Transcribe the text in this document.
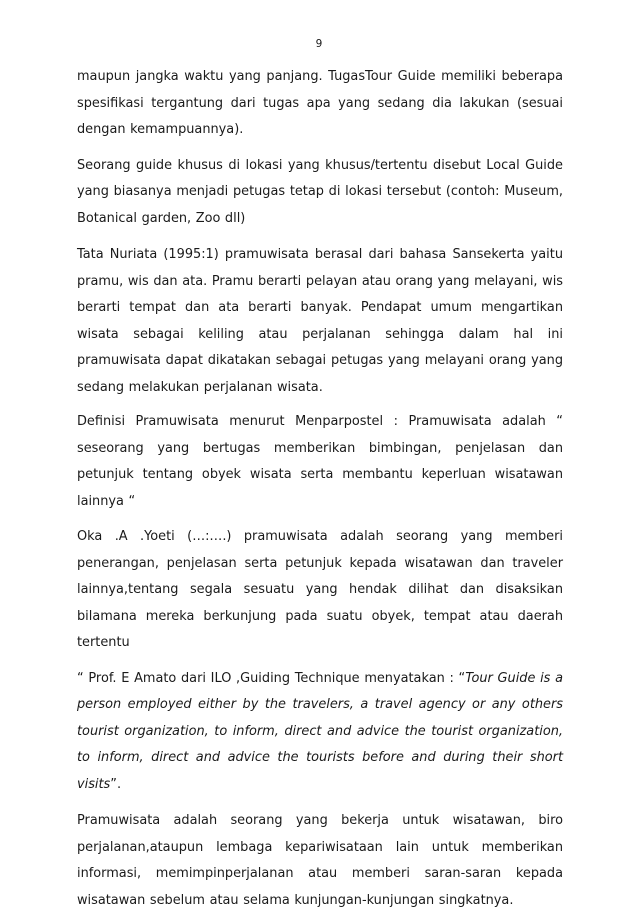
9

maupun jangka waktu yang panjang. TugasTour Guide memiliki beberapa spesifikasi tergantung dari tugas apa yang sedang dia lakukan (sesuai dengan kemampuannya).

Seorang guide khusus di lokasi yang khusus/tertentu disebut Local Guide yang biasanya menjadi petugas tetap di lokasi tersebut (contoh: Museum, Botanical garden, Zoo dll)

Tata Nuriata (1995:1) pramuwisata berasal dari bahasa Sansekerta yaitu pramu, wis dan ata. Pramu berarti pelayan atau orang yang melayani, wis berarti tempat dan ata berarti banyak. Pendapat umum mengartikan wisata sebagai keliling atau perjalanan sehingga dalam hal ini pramuwisata dapat dikatakan sebagai petugas yang melayani orang yang sedang melakukan perjalanan wisata.

Definisi Pramuwisata menurut Menparpostel : Pramuwisata adalah “ seseorang yang bertugas memberikan bimbingan, penjelasan dan petunjuk tentang obyek wisata serta membantu keperluan wisatawan lainnya “

Oka .A .Yoeti (…:….) pramuwisata adalah seorang yang memberi penerangan, penjelasan serta petunjuk kepada wisatawan dan traveler lainnya,tentang segala sesuatu yang hendak dilihat dan disaksikan bilamana mereka berkunjung pada suatu obyek, tempat atau daerah tertentu

“ Prof. E Amato dari ILO ,Guiding Technique menyatakan : “Tour Guide is a person employed either by the travelers, a travel agency or any others tourist organization, to inform, direct and advice the tourist organization, to inform, direct and advice the tourists before and during their short visits”.

Pramuwisata adalah seorang yang bekerja untuk wisatawan, biro perjalanan,ataupun lembaga kepariwisataan lain untuk memberikan informasi, memimpinperjalanan atau memberi saran-saran kepada wisatawan sebelum atau selama kunjungan-kunjungan singkatnya.
